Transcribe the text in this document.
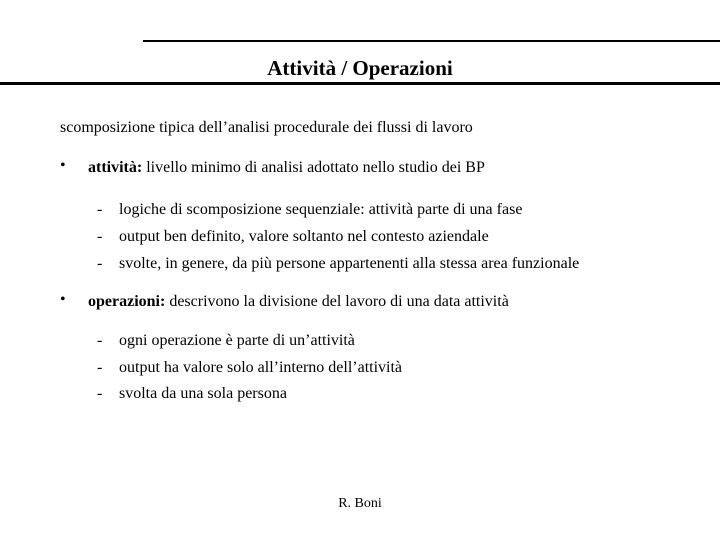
Attività / Operazioni
scomposizione tipica dell’analisi procedurale dei flussi di lavoro
• attività: livello minimo di analisi adottato nello studio dei BP
- logiche di scomposizione sequenziale: attività parte di una fase
- output ben definito, valore soltanto nel contesto aziendale
- svolte, in genere, da più persone appartenenti alla stessa area funzionale
• operazioni: descrivono la divisione del lavoro di una data attività
- ogni operazione è parte di un’attività
- output ha valore solo all’interno dell’attività
- svolta da una sola persona
R. Boni
